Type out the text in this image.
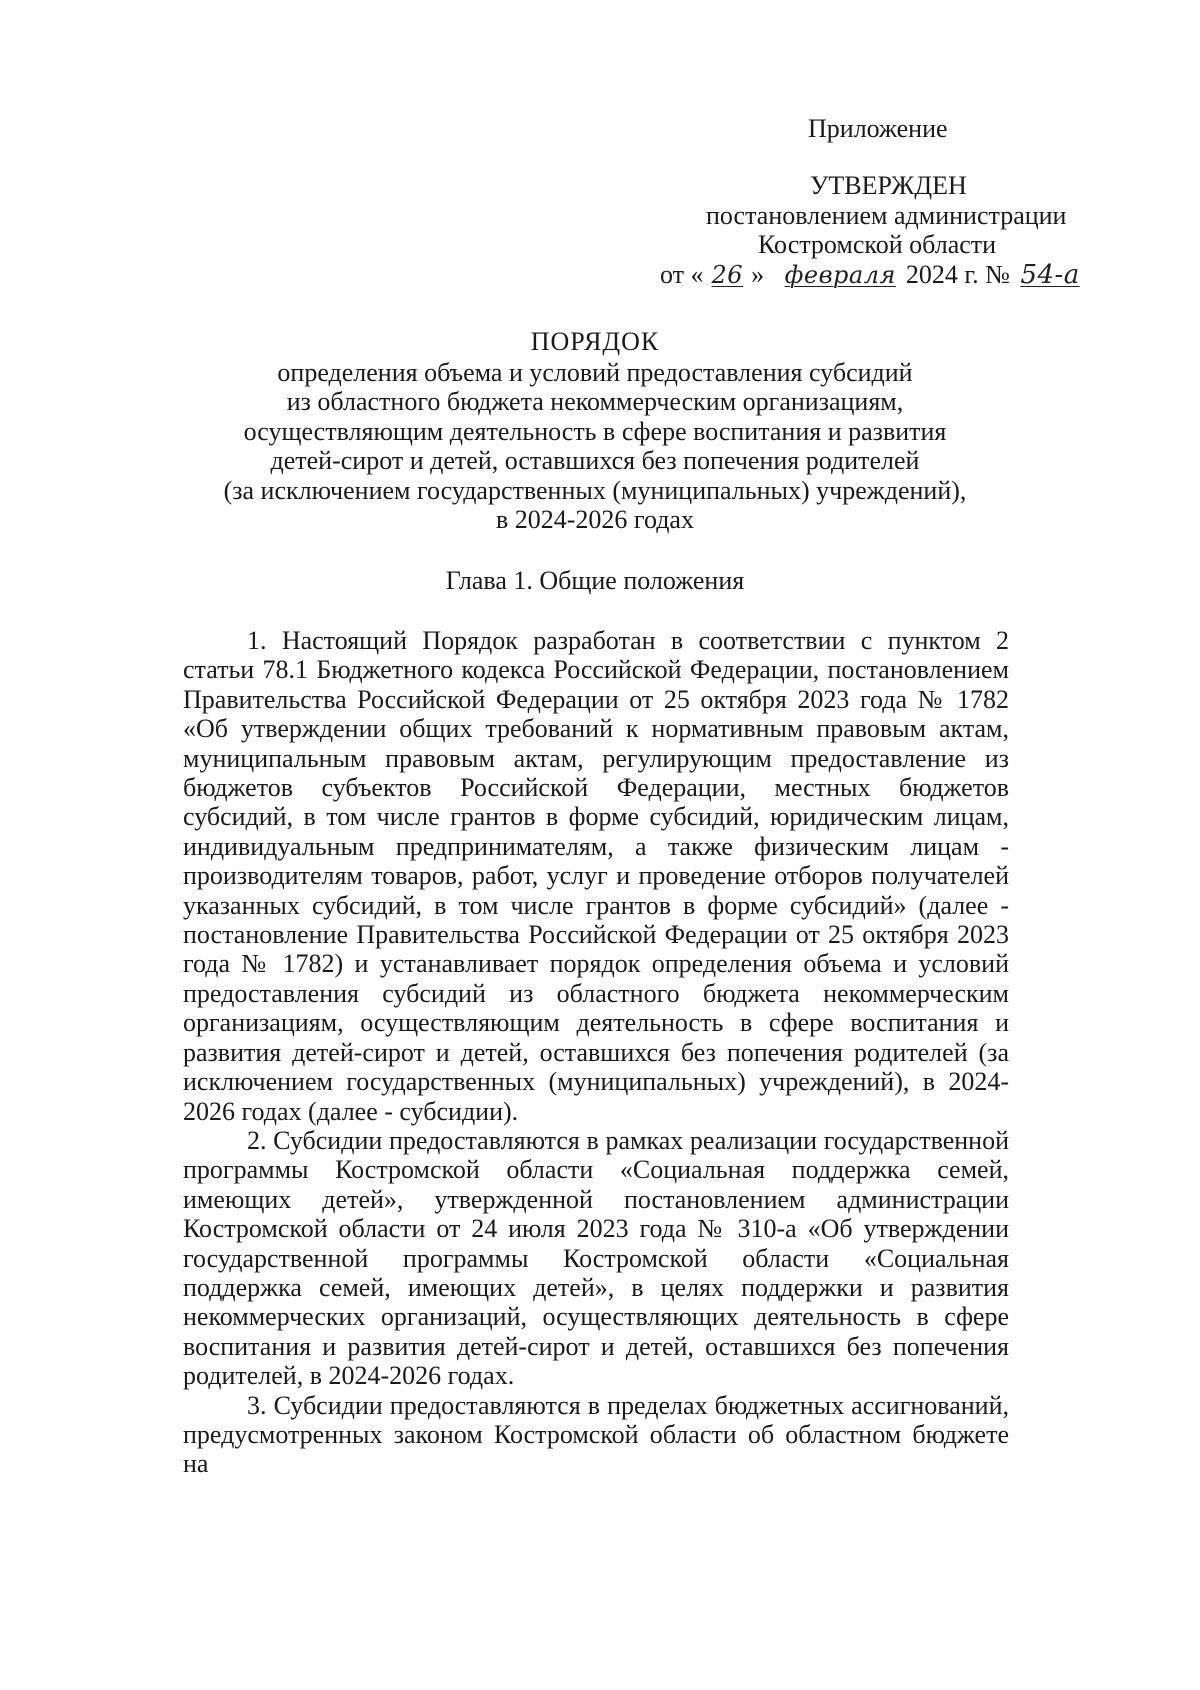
Приложение
УТВЕРЖДЕН
постановлением администрации
Костромской области
от « 26 » февраля 2024 г. № 54-а
ПОРЯДОК
определения объема и условий предоставления субсидий
из областного бюджета некоммерческим организациям,
осуществляющим деятельность в сфере воспитания и развития
детей-сирот и детей, оставшихся без попечения родителей
(за исключением государственных (муниципальных) учреждений),
в 2024-2026 годах
Глава 1. Общие положения

1. Настоящий Порядок разработан в соответствии с пунктом 2 статьи 78.1 Бюджетного кодекса Российской Федерации, постановлением Правительства Российской Федерации от 25 октября 2023 года № 1782 «Об утверждении общих требований к нормативным правовым актам, муниципальным правовым актам, регулирующим предоставление из бюджетов субъектов Российской Федерации, местных бюджетов субсидий, в том числе грантов в форме субсидий, юридическим лицам, индивидуальным предпринимателям, а также физическим лицам - производителям товаров, работ, услуг и проведение отборов получателей указанных субсидий, в том числе грантов в форме субсидий» (далее - постановление Правительства Российской Федерации от 25 октября 2023 года № 1782) и устанавливает порядок определения объема и условий предоставления субсидий из областного бюджета некоммерческим организациям, осуществляющим деятельность в сфере воспитания и развития детей-сирот и детей, оставшихся без попечения родителей (за исключением государственных (муниципальных) учреждений), в 2024-2026 годах (далее - субсидии).

2. Субсидии предоставляются в рамках реализации государственной программы Костромской области «Социальная поддержка семей, имеющих детей», утвержденной постановлением администрации Костромской области от 24 июля 2023 года № 310-а «Об утверждении государственной программы Костромской области «Социальная поддержка семей, имеющих детей», в целях поддержки и развития некоммерческих организаций, осуществляющих деятельность в сфере воспитания и развития детей-сирот и детей, оставшихся без попечения родителей, в 2024-2026 годах.

3. Субсидии предоставляются в пределах бюджетных ассигнований, предусмотренных законом Костромской области об областном бюджете на
